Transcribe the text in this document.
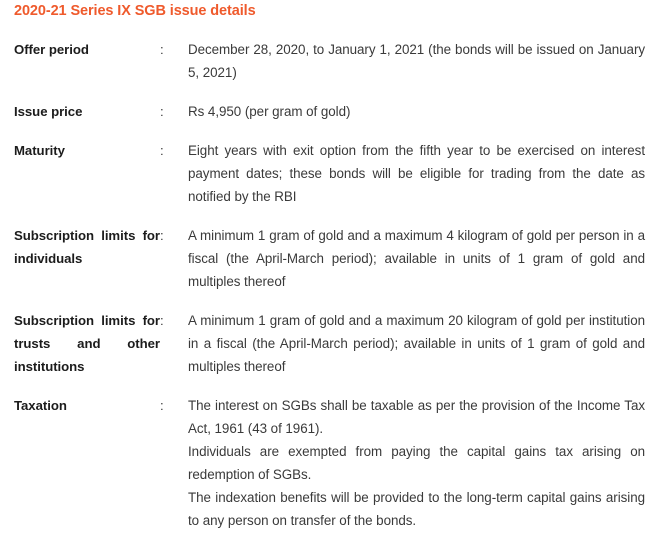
2020-21 Series IX SGB issue details
Offer period	:	December 28, 2020, to January 1, 2021 (the bonds will be issued on January 5, 2021)

Issue price	:	Rs 4,950 (per gram of gold)

Maturity	:	Eight years with exit option from the fifth year to be exercised on interest payment dates; these bonds will be eligible for trading from the date as notified by the RBI

Subscription limits for individuals	:	A minimum 1 gram of gold and a maximum 4 kilogram of gold per person in a fiscal (the April-March period); available in units of 1 gram of gold and multiples thereof

Subscription limits for trusts and other institutions	:	A minimum 1 gram of gold and a maximum 20 kilogram of gold per institution in a fiscal (the April-March period); available in units of 1 gram of gold and multiples thereof

Taxation	:	The interest on SGBs shall be taxable as per the provision of the Income Tax Act, 1961 (43 of 1961).

Individuals are exempted from paying the capital gains tax arising on redemption of SGBs.

The indexation benefits will be provided to the long-term capital gains arising to any person on transfer of the bonds.
